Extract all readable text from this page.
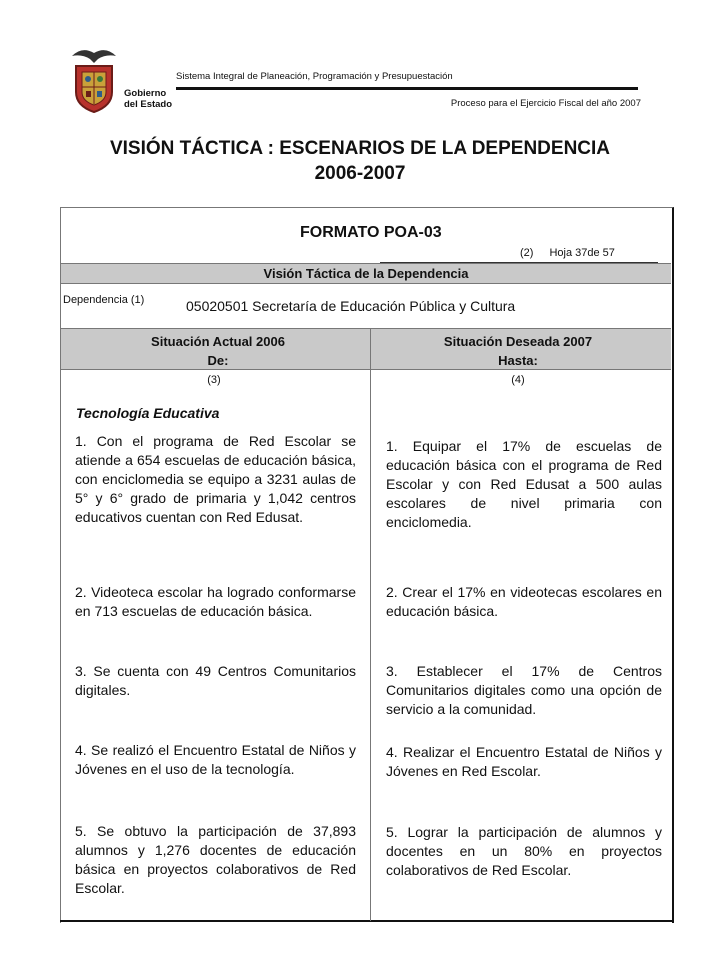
Gobierno
del Estado
Sistema Integral de Planeación, Programación y Presupuestación
Proceso para el Ejercicio Fiscal del año 2007
VISIÓN TÁCTICA : ESCENARIOS DE LA DEPENDENCIA
2006-2007
FORMATO POA-03
(2) Hoja 37de 57
Visión Táctica de la Dependencia
Dependencia (1)	05020501 Secretaría de Educación Pública y Cultura
Situación Actual 2006
De:
Situación Deseada 2007
Hasta:
(3)	(4)
Tecnología Educativa
1. Con el programa de Red Escolar se atiende a 654 escuelas de educación básica, con enciclomedia se equipo a 3231 aulas de 5° y 6° grado de primaria y 1,042 centros educativos cuentan con Red Edusat.
2. Videoteca escolar ha logrado conformarse en 713 escuelas de educación básica.
3. Se cuenta con 49 Centros Comunitarios digitales.
4. Se realizó el Encuentro Estatal de Niños y Jóvenes en el uso de la tecnología.
5. Se obtuvo la participación de 37,893 alumnos y 1,276 docentes de educación básica en proyectos colaborativos de Red Escolar.
1. Equipar el 17% de escuelas de educación básica con el programa de Red Escolar y con Red Edusat a 500 aulas escolares de nivel primaria con enciclomedia.
2. Crear el 17% en videotecas escolares en educación básica.
3. Establecer el 17% de Centros Comunitarios digitales como una opción de servicio a la comunidad.
4. Realizar el Encuentro Estatal de Niños y Jóvenes en Red Escolar.
5. Lograr la participación de alumnos y docentes en un 80% en proyectos colaborativos de Red Escolar.
